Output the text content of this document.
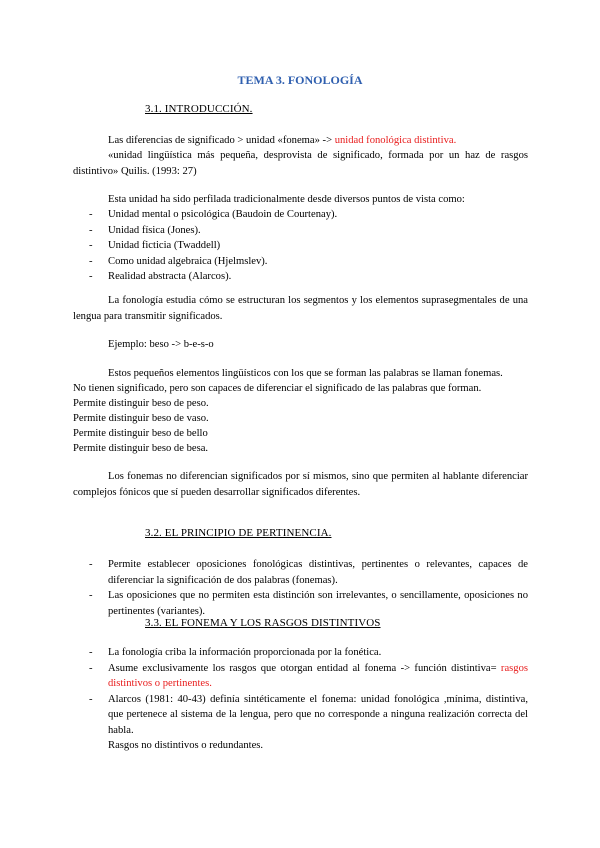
TEMA 3. FONOLOGÍA
3.1. INTRODUCCIÓN.
Las diferencias de significado > unidad «fonema» -> unidad fonológica distintiva.
«unidad lingüística más pequeña, desprovista de significado, formada por un haz de rasgos distintivo» Quilis. (1993: 27)
Esta unidad ha sido perfilada tradicionalmente desde diversos puntos de vista como:
- Unidad mental o psicológica (Baudoin de Courtenay).
- Unidad física (Jones).
- Unidad ficticia (Twaddell)
- Como unidad algebraica (Hjelmslev).
- Realidad abstracta (Alarcos).
La fonología estudia cómo se estructuran los segmentos y los elementos suprasegmentales de una lengua para transmitir significados.
Ejemplo: beso -> b-e-s-o
Estos pequeños elementos lingüísticos con los que se forman las palabras se llaman fonemas.
No tienen significado, pero son capaces de diferenciar el significado de las palabras que forman.
Permite distinguir beso de peso.
Permite distinguir beso de vaso.
Permite distinguir beso de bello
Permite distinguir beso de besa.
Los fonemas no diferencian significados por sí mismos, sino que permiten al hablante diferenciar complejos fónicos que sí pueden desarrollar significados diferentes.
3.2. EL PRINCIPIO DE PERTINENCIA.
- Permite establecer oposiciones fonológicas distintivas, pertinentes o relevantes, capaces de diferenciar la significación de dos palabras (fonemas).
- Las oposiciones que no permiten esta distinción son irrelevantes, o sencillamente, oposiciones no pertinentes (variantes).
3.3. EL FONEMA Y LOS RASGOS DISTINTIVOS
- La fonología criba la información proporcionada por la fonética.
- Asume exclusivamente los rasgos que otorgan entidad al fonema -> función distintiva= rasgos distintivos o pertinentes.
- Alarcos (1981: 40-43) definía sintéticamente el fonema: unidad fonológica ,mínima, distintiva, que pertenece al sistema de la lengua, pero que no corresponde a ninguna realización correcta del habla.
Rasgos no distintivos o redundantes.
